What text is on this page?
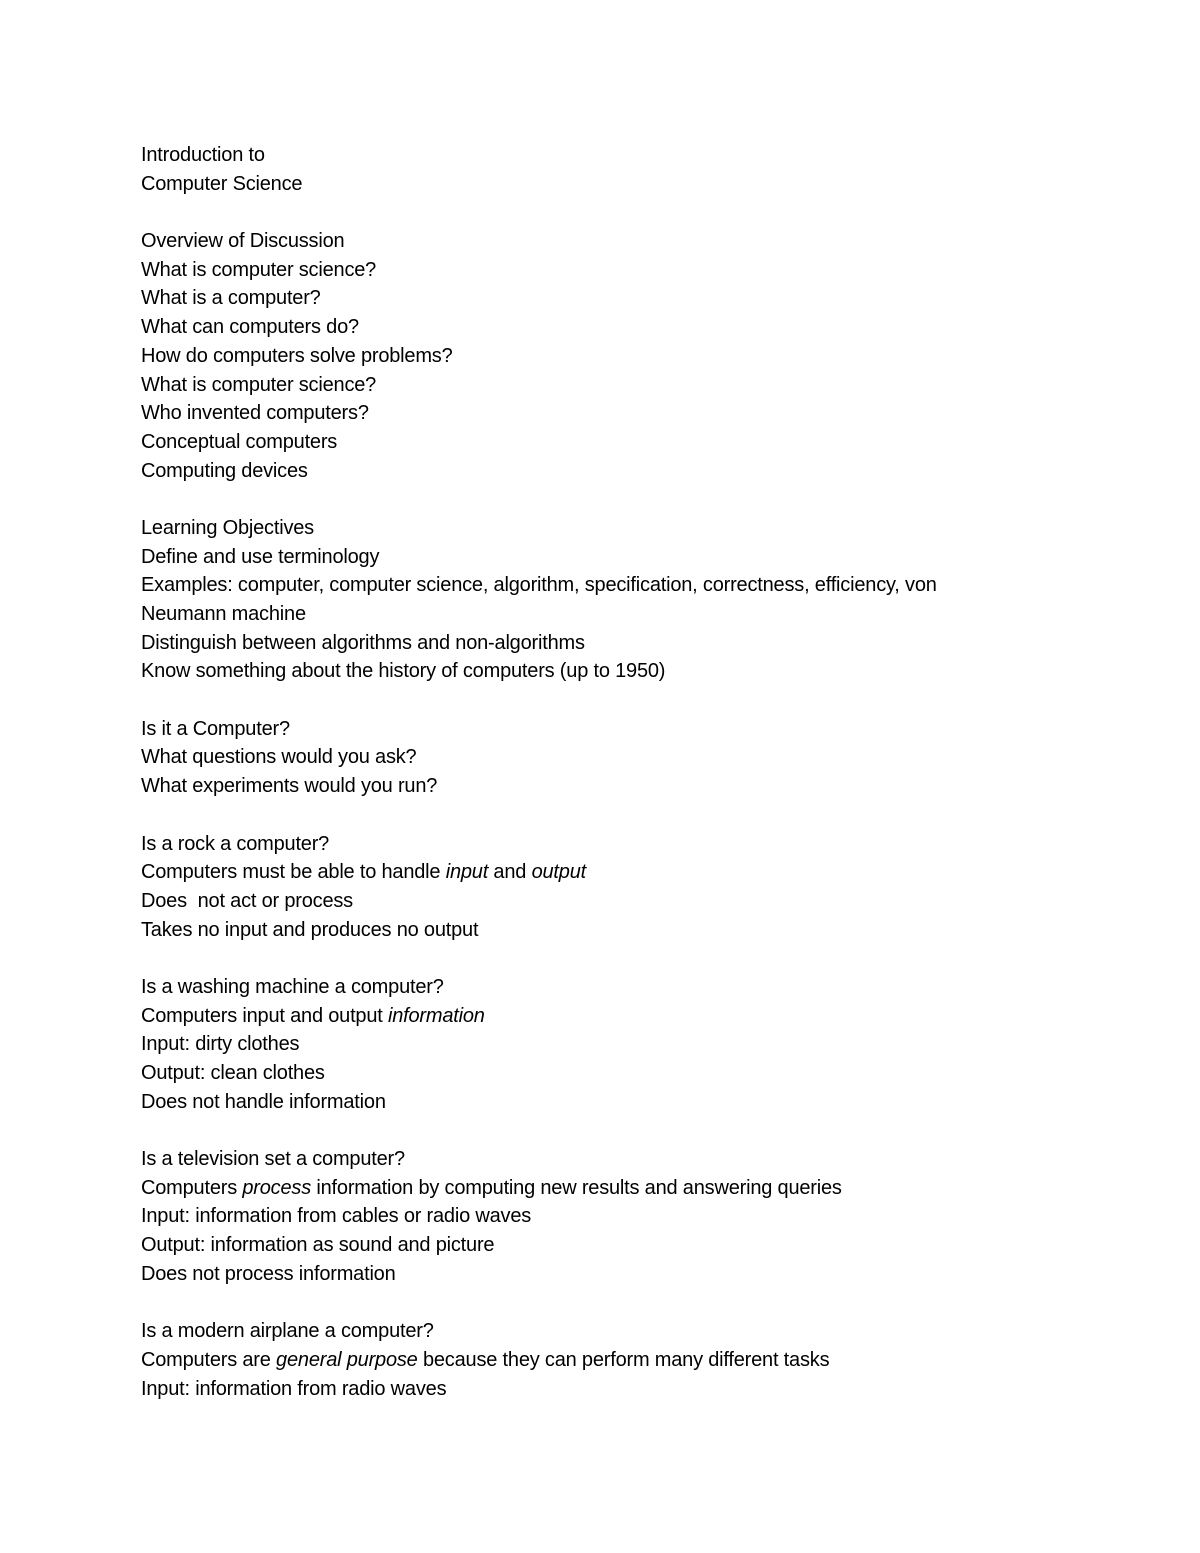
Introduction to
Computer Science
Overview of Discussion
What is computer science?
What is a computer?
What can computers do?
How do computers solve problems?
What is computer science?
Who invented computers?
Conceptual computers
Computing devices
Learning Objectives
Define and use terminology
Examples: computer, computer science, algorithm, specification, correctness, efficiency, von
Neumann machine
Distinguish between algorithms and non-algorithms
Know something about the history of computers (up to 1950)
Is it a Computer?
What questions would you ask?
What experiments would you run?
Is a rock a computer?
Computers must be able to handle input and output
Does  not act or process
Takes no input and produces no output
Is a washing machine a computer?
Computers input and output information
Input: dirty clothes
Output: clean clothes
Does not handle information
Is a television set a computer?
Computers process information by computing new results and answering queries
Input: information from cables or radio waves
Output: information as sound and picture
Does not process information
Is a modern airplane a computer?
Computers are general purpose because they can perform many different tasks
Input: information from radio waves
